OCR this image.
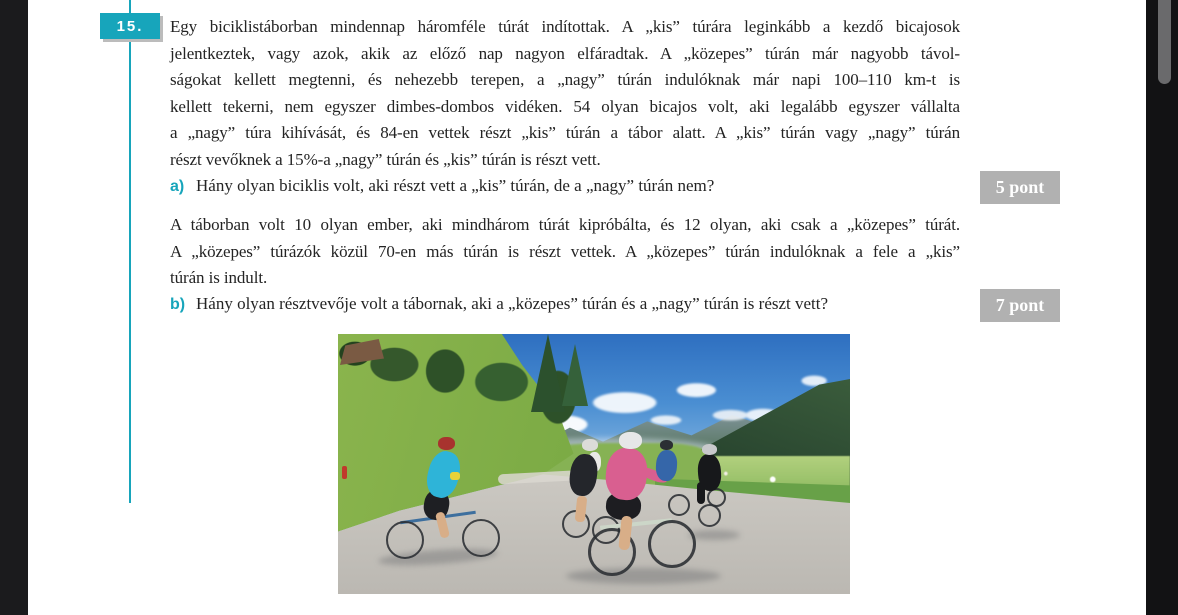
15. Egy biciklistáborban mindennap háromféle túrát indítottak. A „kis” túrára leginkább a kezdő bicajosok
jelentkeztek, vagy azok, akik az előző nap nagyon elfáradtak. A „közepes” túrán már nagyobb távol-
ságokat kellett megtenni, és nehezebb terepen, a „nagy” túrán indulóknak már napi 100–110 km-t is
kellett tekerni, nem egyszer dimbes-dombos vidéken. 54 olyan bicajos volt, aki legalább egyszer vállalta
a „nagy” túra kihívását, és 84-en vettek részt „kis” túrán a tábor alatt. A „kis” túrán vagy „nagy” túrán
részt vevőknek a 15%-a „nagy” túrán és „kis” túrán is részt vett.
a) Hány olyan biciklis volt, aki részt vett a „kis” túrán, de a „nagy” túrán nem?	5 pont
A táborban volt 10 olyan ember, aki mindhárom túrát kipróbálta, és 12 olyan, aki csak a „közepes” túrát.
A „közepes” túrázók közül 70-en más túrán is részt vettek. A „közepes” túrán indulóknak a fele a „kis”
túrán is indult.
b) Hány olyan résztvevője volt a tábornak, aki a „közepes” túrán és a „nagy” túrán is részt vett?	7 pont
